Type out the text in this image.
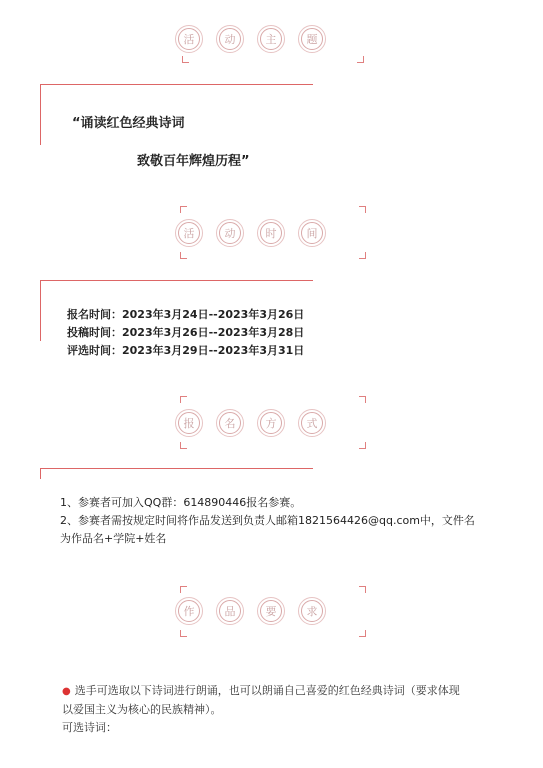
活	动	主	题
“诵读红色经典诗词
致敬百年辉煌历程”
活	动	时	间
报名时间：2023年3月24日--2023年3月26日
投稿时间：2023年3月26日--2023年3月28日
评选时间：2023年3月29日--2023年3月31日
报	名	方	式
1、参赛者可加入QQ群：614890446报名参赛。
2、参赛者需按规定时间将作品发送到负责人邮箱1821564426@qq.com中，文件名
为作品名+学院+姓名
作	品	要	求
● 选手可选取以下诗词进行朗诵，也可以朗诵自己喜爱的红色经典诗词（要求体现
以爱国主义为核心的民族精神）。
可选诗词：
